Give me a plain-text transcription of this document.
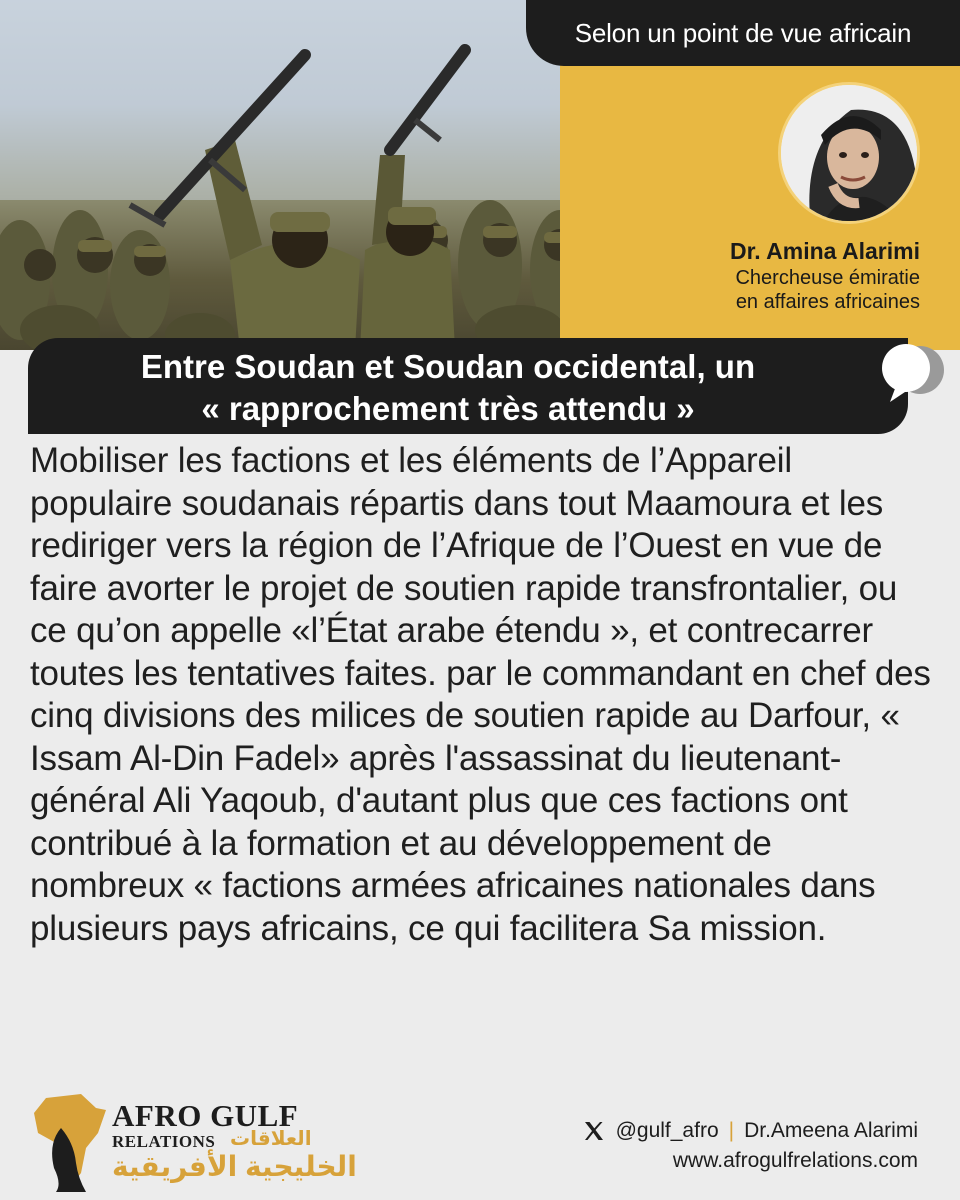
Selon un point de vue africain
Dr. Amina Alarimi
Chercheuse émiratie
en affaires africaines
Entre Soudan et Soudan occidental, un
« rapprochement très attendu »
Mobiliser les factions et les éléments de l’Appareil populaire soudanais répartis dans tout Maamoura et les rediriger vers la région de l’Afrique de l’Ouest en vue de faire avorter le projet de soutien rapide transfrontalier, ou ce qu’on appelle «l’État arabe étendu », et contrecarrer toutes les tentatives faites. par le commandant en chef des cinq divisions des milices de soutien rapide au Darfour, « Issam Al-Din Fadel» après l'assassinat du lieutenant-général Ali Yaqoub, d'autant plus que ces factions ont contribué à la formation et au développement de nombreux « factions armées africaines nationales dans plusieurs pays africains, ce qui facilitera Sa mission.
AFRO GULF
RELATIONS العلاقات
الخليجية الأفريقية
@gulf_afro | Dr.Ameena Alarimi
www.afrogulfrelations.com
